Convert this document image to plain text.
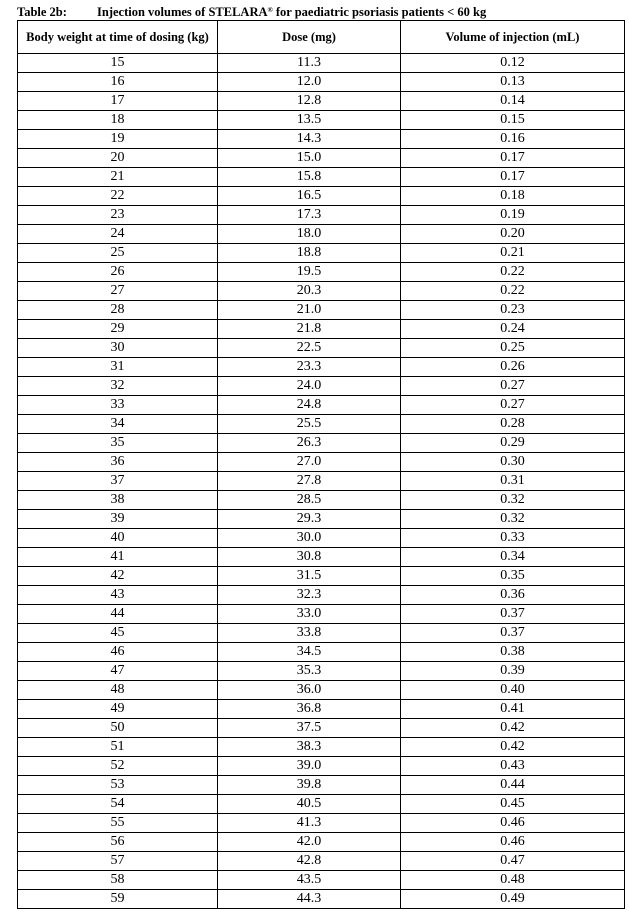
Table 2b: Injection volumes of STELARA® for paediatric psoriasis patients < 60 kg
Body weight at time of dosing (kg)	Dose (mg)	Volume of injection (mL)
15	11.3	0.12
16	12.0	0.13
17	12.8	0.14
18	13.5	0.15
19	14.3	0.16
20	15.0	0.17
21	15.8	0.17
22	16.5	0.18
23	17.3	0.19
24	18.0	0.20
25	18.8	0.21
26	19.5	0.22
27	20.3	0.22
28	21.0	0.23
29	21.8	0.24
30	22.5	0.25
31	23.3	0.26
32	24.0	0.27
33	24.8	0.27
34	25.5	0.28
35	26.3	0.29
36	27.0	0.30
37	27.8	0.31
38	28.5	0.32
39	29.3	0.32
40	30.0	0.33
41	30.8	0.34
42	31.5	0.35
43	32.3	0.36
44	33.0	0.37
45	33.8	0.37
46	34.5	0.38
47	35.3	0.39
48	36.0	0.40
49	36.8	0.41
50	37.5	0.42
51	38.3	0.42
52	39.0	0.43
53	39.8	0.44
54	40.5	0.45
55	41.3	0.46
56	42.0	0.46
57	42.8	0.47
58	43.5	0.48
59	44.3	0.49
